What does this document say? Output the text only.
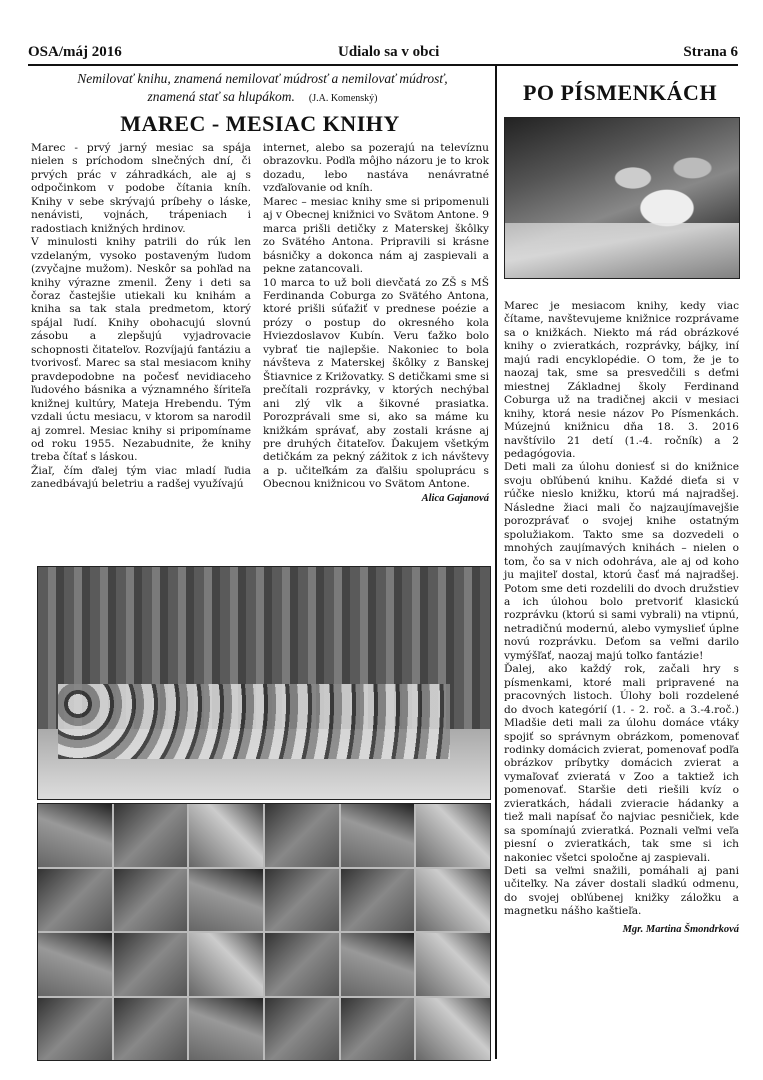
OSA/máj 2016	Udialo sa v obci	Strana 6
Nemilovať knihu, znamená nemilovať múdrosť a nemilovať múdrosť,
znamená stať sa hlupákom. (J.A. Komenský)
MAREC - MESIAC KNIHY
PO PÍSMENKÁCH

Marec - prvý jarný mesiac sa spája nielen s príchodom slnečných dní, či prvých prác v záhradkách, ale aj s odpočinkom v podobe čítania kníh. Knihy v sebe skrývajú príbehy o láske, nenávisti, vojnách, trápeniach i radostiach knižných hrdinov.

V minulosti knihy patrili do rúk len vzdelaným, vysoko postaveným ľudom (zvyčajne mužom). Neskôr sa pohľad na knihy výrazne zmenil. Ženy i deti sa čoraz častejšie utiekali ku knihám a kniha sa tak stala predmetom, ktorý spájal ľudí. Knihy obohacujú slovnú zásobu a zlepšujú vyjadrovacie schopnosti čitateľov. Rozvíjajú fantáziu a tvorivosť. Marec sa stal mesiacom knihy pravdepodobne na počesť nevidiaceho ľudového básnika a významného šíriteľa knižnej kultúry, Mateja Hrebendu. Tým vzdali úctu mesiacu, v ktorom sa narodil aj zomrel. Mesiac knihy si pripomíname od roku 1955. Nezabudnite, že knihy treba čítať s láskou.

Žiaľ, čím ďalej tým viac mladí ľudia zanedbávajú beletriu a radšej využívajú

internet, alebo sa pozerajú na televíznu obrazovku. Podľa môjho názoru je to krok dozadu, lebo nastáva nenávratné vzďaľovanie od kníh.

Marec – mesiac knihy sme si pripomenuli aj v Obecnej knižnici vo Svätom Antone. 9 marca prišli detičky z Materskej škôlky zo Svätého Antona. Pripravili si krásne básničky a dokonca nám aj zaspievali a pekne zatancovali.

10 marca to už boli dievčatá zo ZŠ s MŠ Ferdinanda Coburga zo Svätého Antona, ktoré prišli súťažiť v prednese poézie a prózy o postup do okresného kola Hviezdoslavov Kubín. Veru ťažko bolo vybrať tie najlepšie. Nakoniec to bola návšteva z Materskej škôlky z Banskej Štiavnice z Križovatky. S detičkami sme si prečítali rozprávky, v ktorých nechýbal ani zlý vlk a šikovné prasiatka. Porozprávali sme si, ako sa máme ku knižkám správať, aby zostali krásne aj pre druhých čitateľov. Ďakujem všetkým detičkám za pekný zážitok z ich návštevy a p. učiteľkám za ďalšiu spoluprácu s Obecnou knižnicou vo Svätom Antone.

Alica Gajanová

Marec je mesiacom knihy, kedy viac čítame, navštevujeme knižnice rozprávame sa o knižkách. Niekto má rád obrázkové knihy o zvieratkách, rozprávky, bájky, iní majú radi encyklopédie. O tom, že je to naozaj tak, sme sa presvedčili s deťmi miestnej Základnej školy Ferdinand Coburga už na tradičnej akcii v mesiaci knihy, ktorá nesie názov Po Písmenkách. Múzejnú knižnicu dňa 18. 3. 2016 navštívilo 21 detí (1.-4. ročník) a 2 pedagógovia.

Deti mali za úlohu doniesť si do knižnice svoju obľúbenú knihu. Každé dieťa si v rúčke nieslo knižku, ktorú má najradšej. Následne žiaci mali čo najzaujímavejšie porozprávať o svojej knihe ostatným spolužiakom. Takto sme sa dozvedeli o mnohých zaujímavých knihách – nielen o tom, čo sa v nich odohráva, ale aj od koho ju majiteľ dostal, ktorú časť má najradšej. Potom sme deti rozdelili do dvoch družstiev a ich úlohou bolo pretvoriť klasickú rozprávku (ktorú si sami vybrali) na vtipnú, netradičnú modernú, alebo vymyslieť úplne novú rozprávku. Deťom sa veľmi darilo vymýšľať, naozaj majú toľko fantázie!

Ďalej, ako každý rok, začali hry s písmenkami, ktoré mali pripravené na pracovných listoch. Úlohy boli rozdelené do dvoch kategórií (1. - 2. roč. a 3.-4.roč.) Mladšie deti mali za úlohu domáce vtáky spojiť so správnym obrázkom, pomenovať rodinky domácich zvierat, pomenovať podľa obrázkov príbytky domácich zvierat a vymaľovať zvieratá v Zoo a taktiež ich pomenovať. Staršie deti riešili kvíz o zvieratkách, hádali zvieracie hádanky a tiež mali napísať čo najviac pesničiek, kde sa spomínajú zvieratká. Poznali veľmi veľa piesní o zvieratkách, tak sme si ich nakoniec všetci spoločne aj zaspievali.

Deti sa veľmi snažili, pomáhali aj pani učiteľky. Na záver dostali sladkú odmenu, do svojej obľúbenej knižky záložku a magnetku nášho kaštieľa.

Mgr. Martina Šmondrková
